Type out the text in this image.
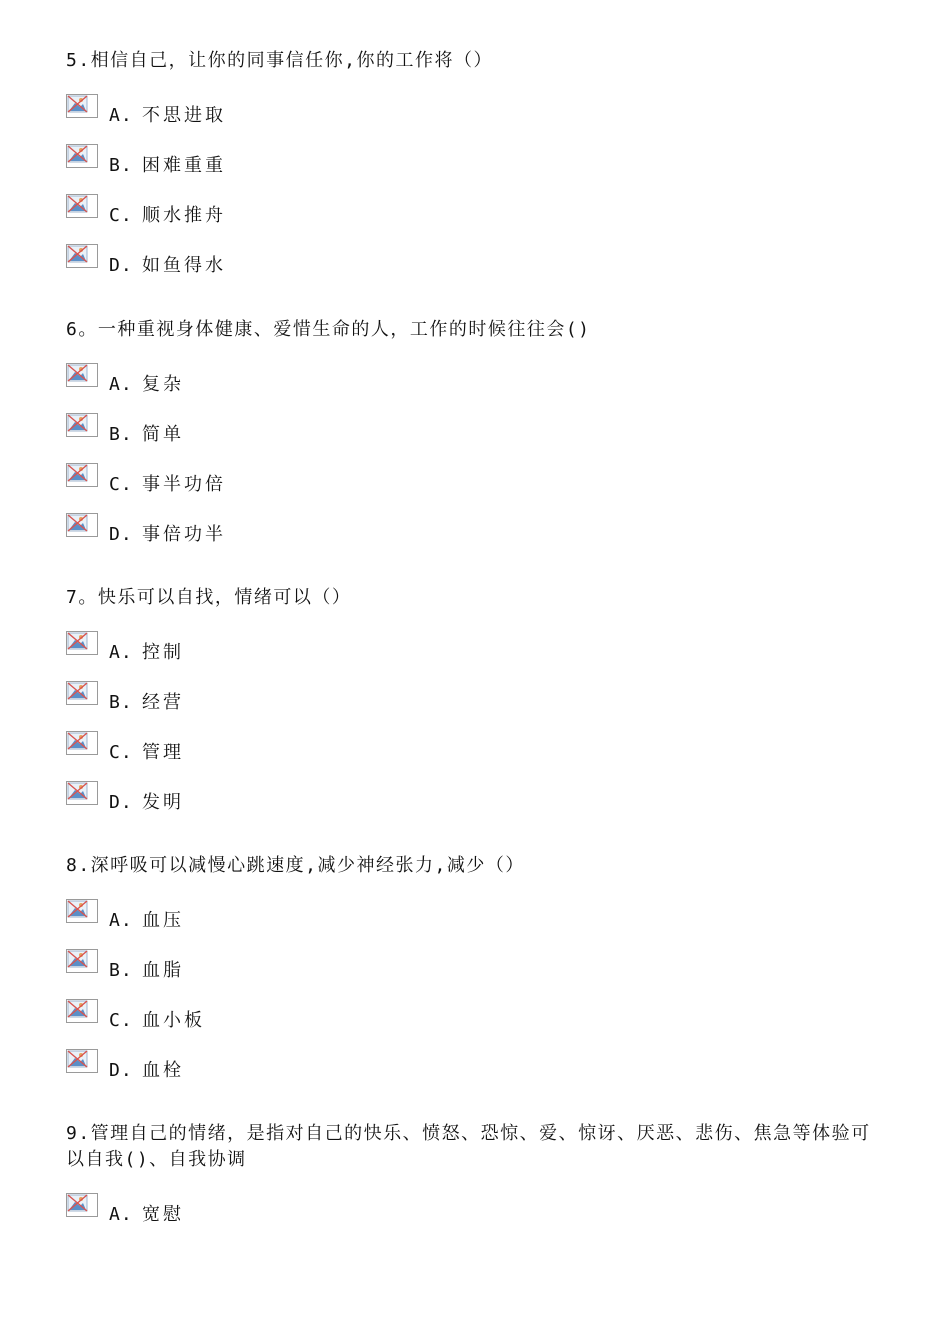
5.相信自己，让你的同事信任你,你的工作将（）

A. 不思进取
B. 困难重重
C. 顺水推舟
D. 如鱼得水

6。一种重视身体健康、爱惜生命的人，工作的时候往往会()

A. 复杂
B. 简单
C. 事半功倍
D. 事倍功半

7。快乐可以自找，情绪可以（）

A. 控制
B. 经营
C. 管理
D. 发明

8.深呼吸可以减慢心跳速度,减少神经张力,减少（）

A. 血压
B. 血脂
C. 血小板
D. 血栓

9.管理自己的情绪，是指对自己的快乐、愤怒、恐惊、爱、惊讶、厌恶、悲伤、焦急等体验可以自我()、自我协调

A. 宽慰
